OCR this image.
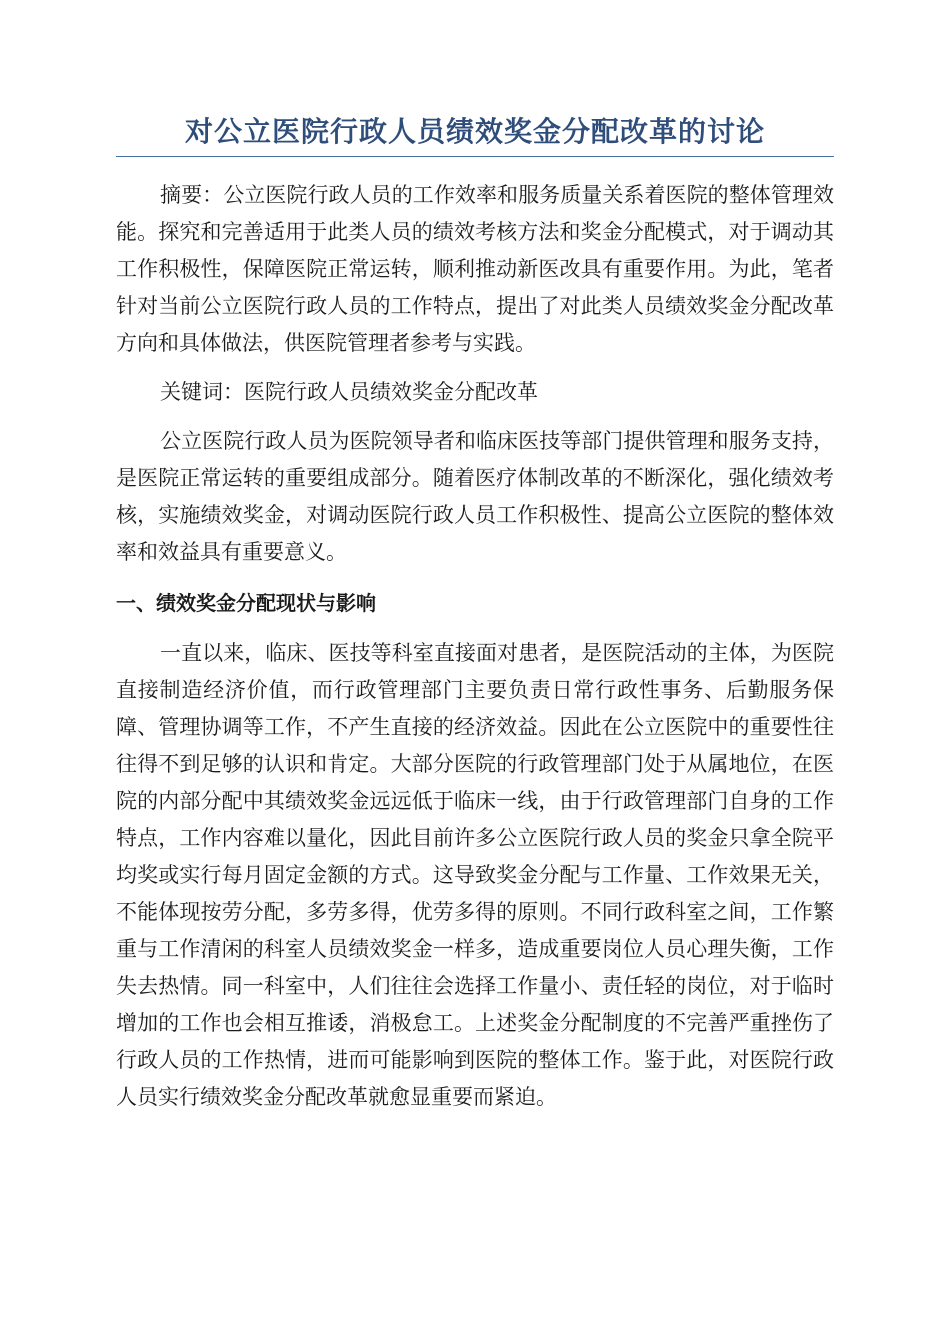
对公立医院行政人员绩效奖金分配改革的讨论

摘要：公立医院行政人员的工作效率和服务质量关系着医院的整体管理效能。探究和完善适用于此类人员的绩效考核方法和奖金分配模式，对于调动其工作积极性，保障医院正常运转，顺利推动新医改具有重要作用。为此，笔者针对当前公立医院行政人员的工作特点，提出了对此类人员绩效奖金分配改革方向和具体做法，供医院管理者参考与实践。

关键词：医院行政人员绩效奖金分配改革

公立医院行政人员为医院领导者和临床医技等部门提供管理和服务支持，是医院正常运转的重要组成部分。随着医疗体制改革的不断深化，强化绩效考核，实施绩效奖金，对调动医院行政人员工作积极性、提高公立医院的整体效率和效益具有重要意义。

一、绩效奖金分配现状与影响

一直以来，临床、医技等科室直接面对患者，是医院活动的主体，为医院直接制造经济价值，而行政管理部门主要负责日常行政性事务、后勤服务保障、管理协调等工作，不产生直接的经济效益。因此在公立医院中的重要性往往得不到足够的认识和肯定。大部分医院的行政管理部门处于从属地位，在医院的内部分配中其绩效奖金远远低于临床一线，由于行政管理部门自身的工作特点，工作内容难以量化，因此目前许多公立医院行政人员的奖金只拿全院平均奖或实行每月固定金额的方式。这导致奖金分配与工作量、工作效果无关，不能体现按劳分配，多劳多得，优劳多得的原则。不同行政科室之间，工作繁重与工作清闲的科室人员绩效奖金一样多，造成重要岗位人员心理失衡，工作失去热情。同一科室中，人们往往会选择工作量小、责任轻的岗位，对于临时增加的工作也会相互推诿，消极怠工。上述奖金分配制度的不完善严重挫伤了行政人员的工作热情，进而可能影响到医院的整体工作。鉴于此，对医院行政人员实行绩效奖金分配改革就愈显重要而紧迫。
